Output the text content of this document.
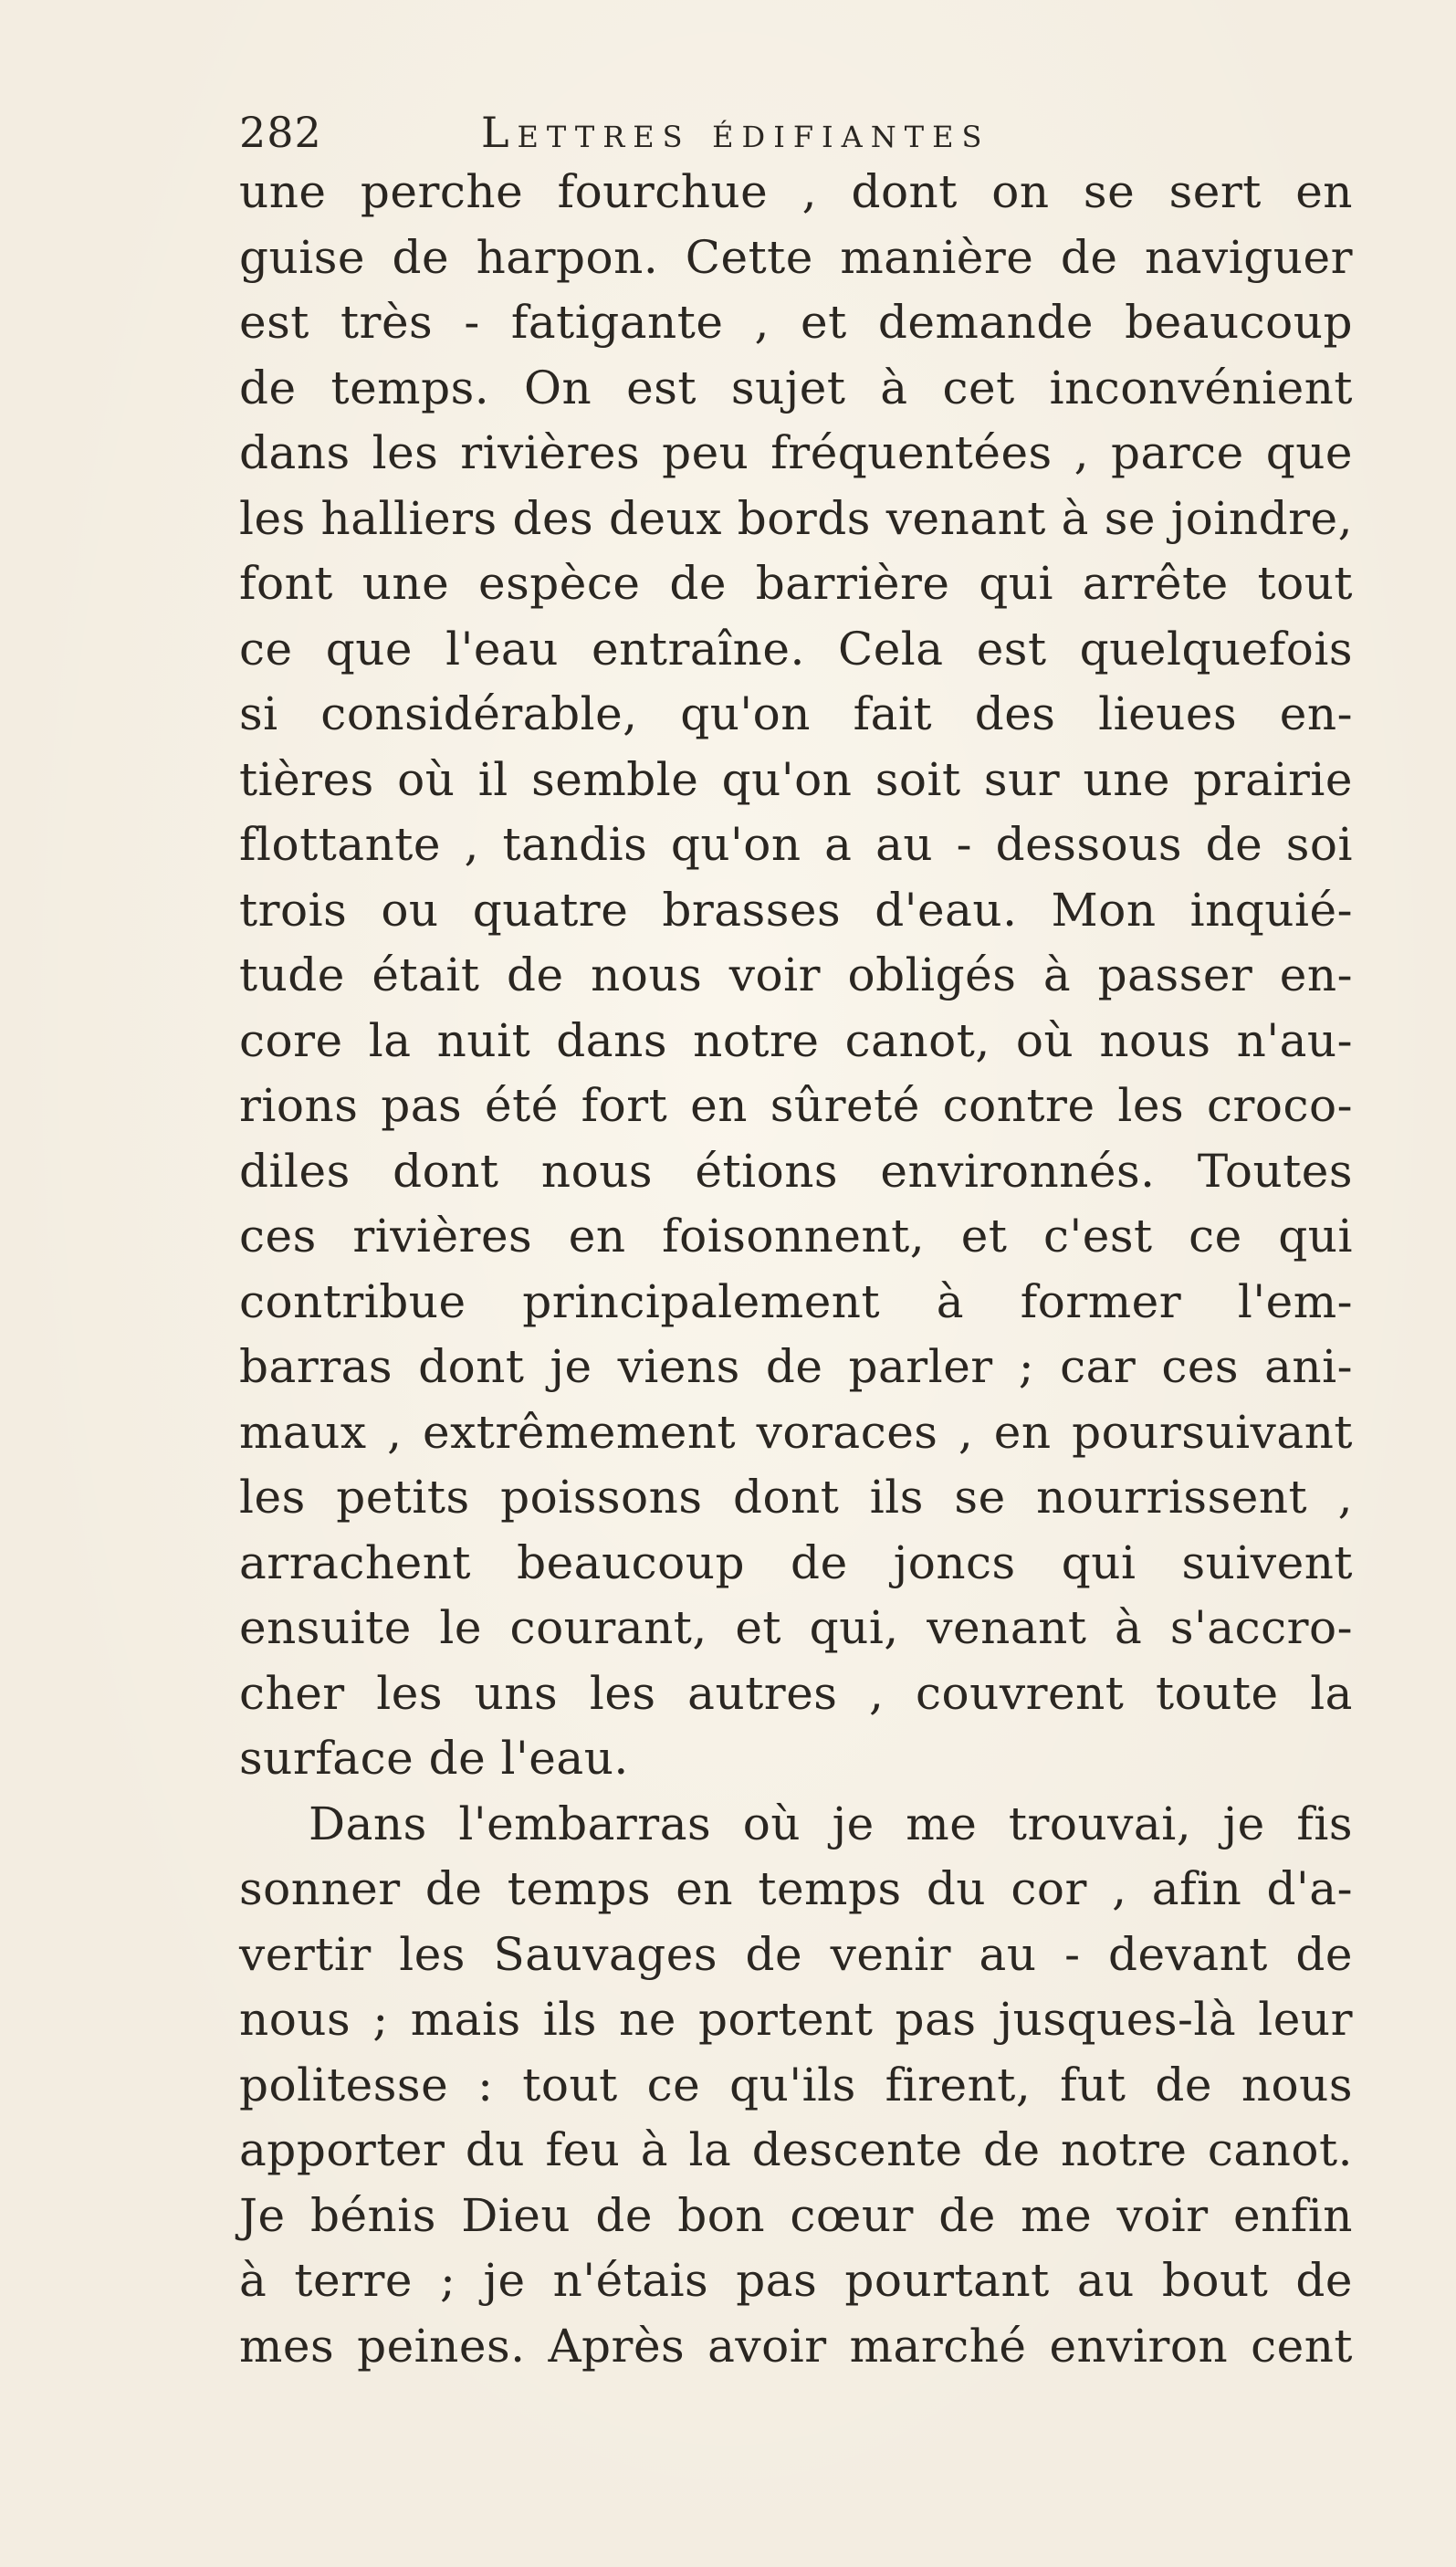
282	Lettres édifiantes
une perche fourchue , dont on se sert en
guise de harpon. Cette manière de naviguer
est très - fatigante , et demande beaucoup
de temps. On est sujet à cet inconvénient
dans les rivières peu fréquentées , parce que
les halliers des deux bords venant à se joindre,
font une espèce de barrière qui arrête tout
ce que l'eau entraîne. Cela est quelquefois
si considérable, qu'on fait des lieues en-
tières où il semble qu'on soit sur une prairie
flottante , tandis qu'on a au - dessous de soi
trois ou quatre brasses d'eau. Mon inquié-
tude était de nous voir obligés à passer en-
core la nuit dans notre canot, où nous n'au-
rions pas été fort en sûreté contre les croco-
diles dont nous étions environnés. Toutes
ces rivières en foisonnent, et c'est ce qui
contribue principalement à former l'em-
barras dont je viens de parler ; car ces ani-
maux , extrêmement voraces , en poursuivant
les petits poissons dont ils se nourrissent ,
arrachent beaucoup de joncs qui suivent
ensuite le courant, et qui, venant à s'accro-
cher les uns les autres , couvrent toute la
surface de l'eau.
Dans l'embarras où je me trouvai, je fis
sonner de temps en temps du cor , afin d'a-
vertir les Sauvages de venir au - devant de
nous ; mais ils ne portent pas jusques-là leur
politesse : tout ce qu'ils firent, fut de nous
apporter du feu à la descente de notre canot.
Je bénis Dieu de bon cœur de me voir enfin
à terre ; je n'étais pas pourtant au bout de
mes peines. Après avoir marché environ cent
